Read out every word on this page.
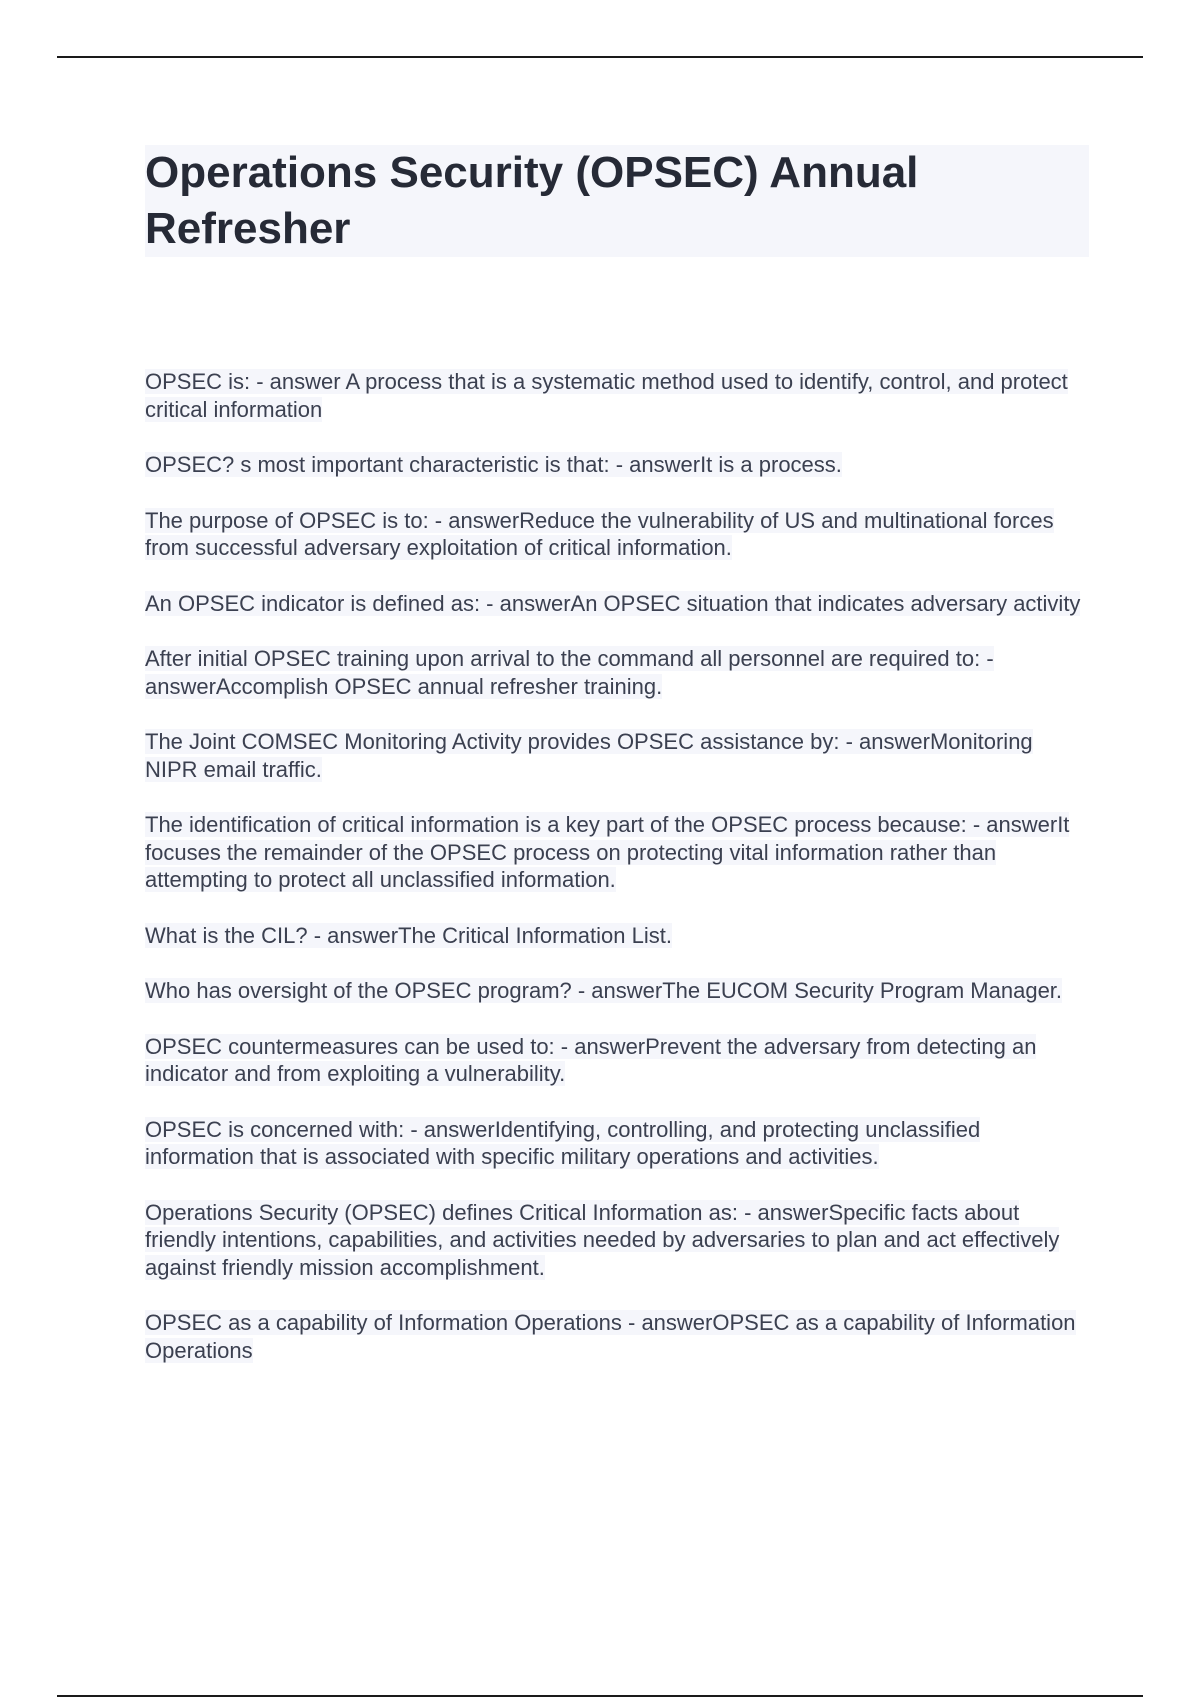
Operations Security (OPSEC) Annual Refresher
OPSEC is: - answer A process that is a systematic method used to identify, control, and protect critical information
OPSEC? s most important characteristic is that: - answerIt is a process.
The purpose of OPSEC is to: - answerReduce the vulnerability of US and multinational forces from successful adversary exploitation of critical information.
An OPSEC indicator is defined as: - answerAn OPSEC situation that indicates adversary activity
After initial OPSEC training upon arrival to the command all personnel are required to: - answerAccomplish OPSEC annual refresher training.
The Joint COMSEC Monitoring Activity provides OPSEC assistance by: - answerMonitoring NIPR email traffic.
The identification of critical information is a key part of the OPSEC process because: - answerIt focuses the remainder of the OPSEC process on protecting vital information rather than attempting to protect all unclassified information.
What is the CIL? - answerThe Critical Information List.
Who has oversight of the OPSEC program? - answerThe EUCOM Security Program Manager.
OPSEC countermeasures can be used to: - answerPrevent the adversary from detecting an indicator and from exploiting a vulnerability.
OPSEC is concerned with: - answerIdentifying, controlling, and protecting unclassified information that is associated with specific military operations and activities.
Operations Security (OPSEC) defines Critical Information as: - answerSpecific facts about friendly intentions, capabilities, and activities needed by adversaries to plan and act effectively against friendly mission accomplishment.
OPSEC as a capability of Information Operations - answerOPSEC as a capability of Information Operations
